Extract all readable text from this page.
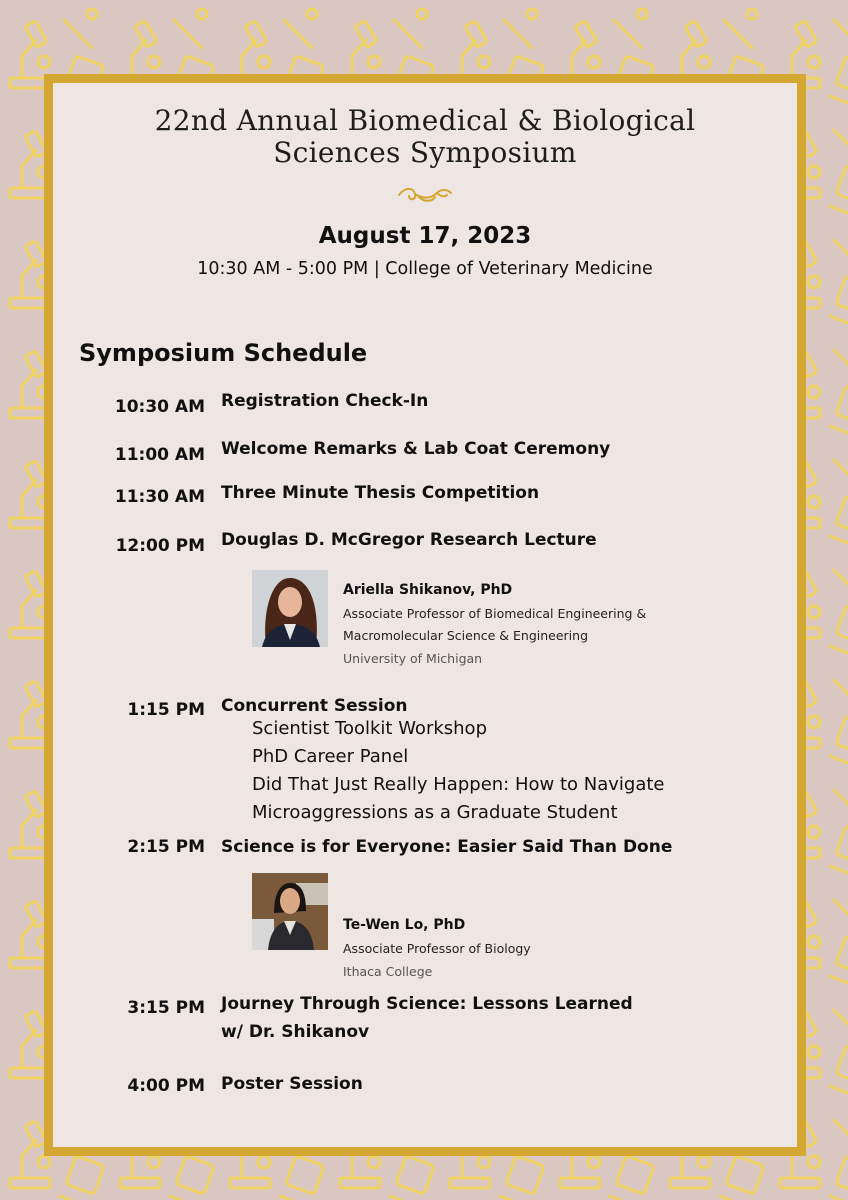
22nd Annual Biomedical & Biological
Sciences Symposium
August 17, 2023
10:30 AM - 5:00 PM | College of Veterinary Medicine
Symposium Schedule
10:30 AM Registration Check-In
11:00 AM Welcome Remarks & Lab Coat Ceremony
11:30 AM Three Minute Thesis Competition
12:00 PM Douglas D. McGregor Research Lecture
Ariella Shikanov, PhD
Associate Professor of Biomedical Engineering &
Macromolecular Science & Engineering
University of Michigan
1:15 PM Concurrent Session
Scientist Toolkit Workshop
PhD Career Panel
Did That Just Really Happen: How to Navigate
Microaggressions as a Graduate Student
2:15 PM Science is for Everyone: Easier Said Than Done
Te-Wen Lo, PhD
Associate Professor of Biology
Ithaca College
3:15 PM Journey Through Science: Lessons Learned
w/ Dr. Shikanov
4:00 PM Poster Session
